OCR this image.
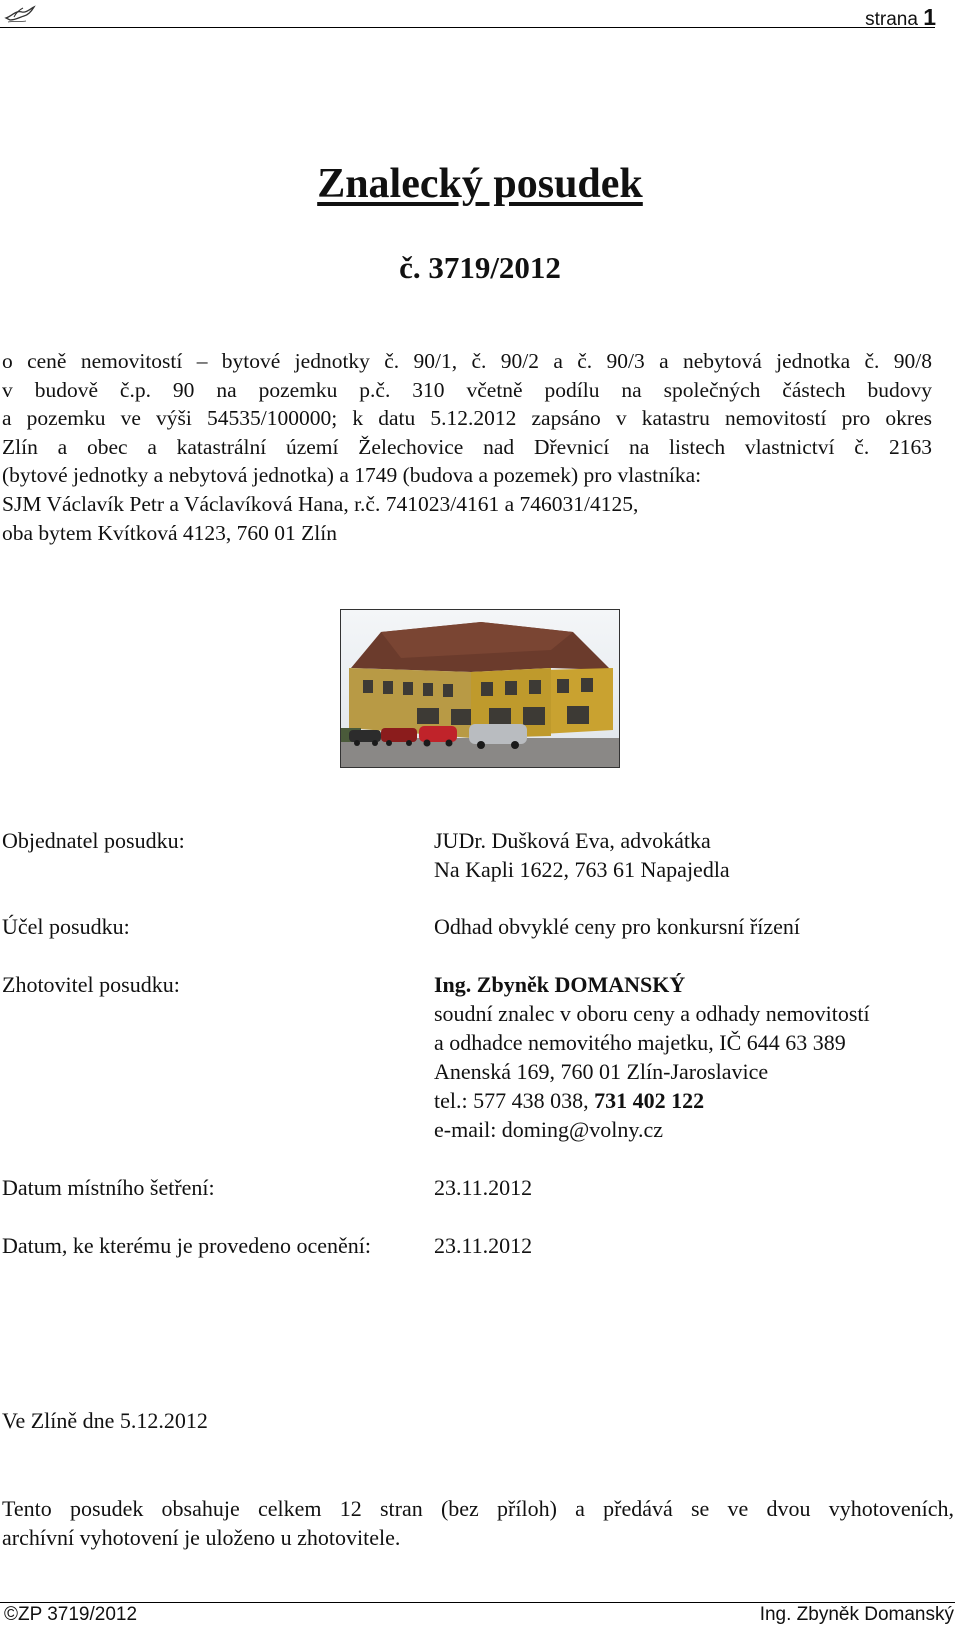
strana 1
Znalecký posudek
č. 3719/2012
o ceně nemovitostí – bytové jednotky č. 90/1, č. 90/2 a č. 90/3 a nebytová jednotka č. 90/8
v budově č.p. 90 na pozemku p.č. 310 včetně podílu na společných částech budovy
a pozemku ve výši 54535/100000; k datu 5.12.2012 zapsáno v katastru nemovitostí pro okres
Zlín a obec a katastrální území Želechovice nad Dřevnicí na listech vlastnictví č. 2163
(bytové jednotky a nebytová jednotka) a 1749 (budova a pozemek) pro vlastníka:
SJM Václavík Petr a Václavíková Hana, r.č. 741023/4161 a 746031/4125,
oba bytem Kvítková 4123, 760 01 Zlín
Objednatel posudku:	JUDr. Dušková Eva, advokátka
Na Kapli 1622, 763 61 Napajedla
Účel posudku:	Odhad obvyklé ceny pro konkursní řízení
Zhotovitel posudku:	Ing. Zbyněk DOMANSKÝ
soudní znalec v oboru ceny a odhady nemovitostí
a odhadce nemovitého majetku, IČ 644 63 389
Anenská 169, 760 01 Zlín-Jaroslavice
tel.: 577 438 038, 731 402 122
e-mail: doming@volny.cz
Datum místního šetření:	23.11.2012
Datum, ke kterému je provedeno ocenění:	23.11.2012
Ve Zlíně dne 5.12.2012
Tento posudek obsahuje celkem 12 stran (bez příloh) a předává se ve dvou vyhotoveních,
archívní vyhotovení je uloženo u zhotovitele.
©ZP 3719/2012	Ing. Zbyněk Domanský
